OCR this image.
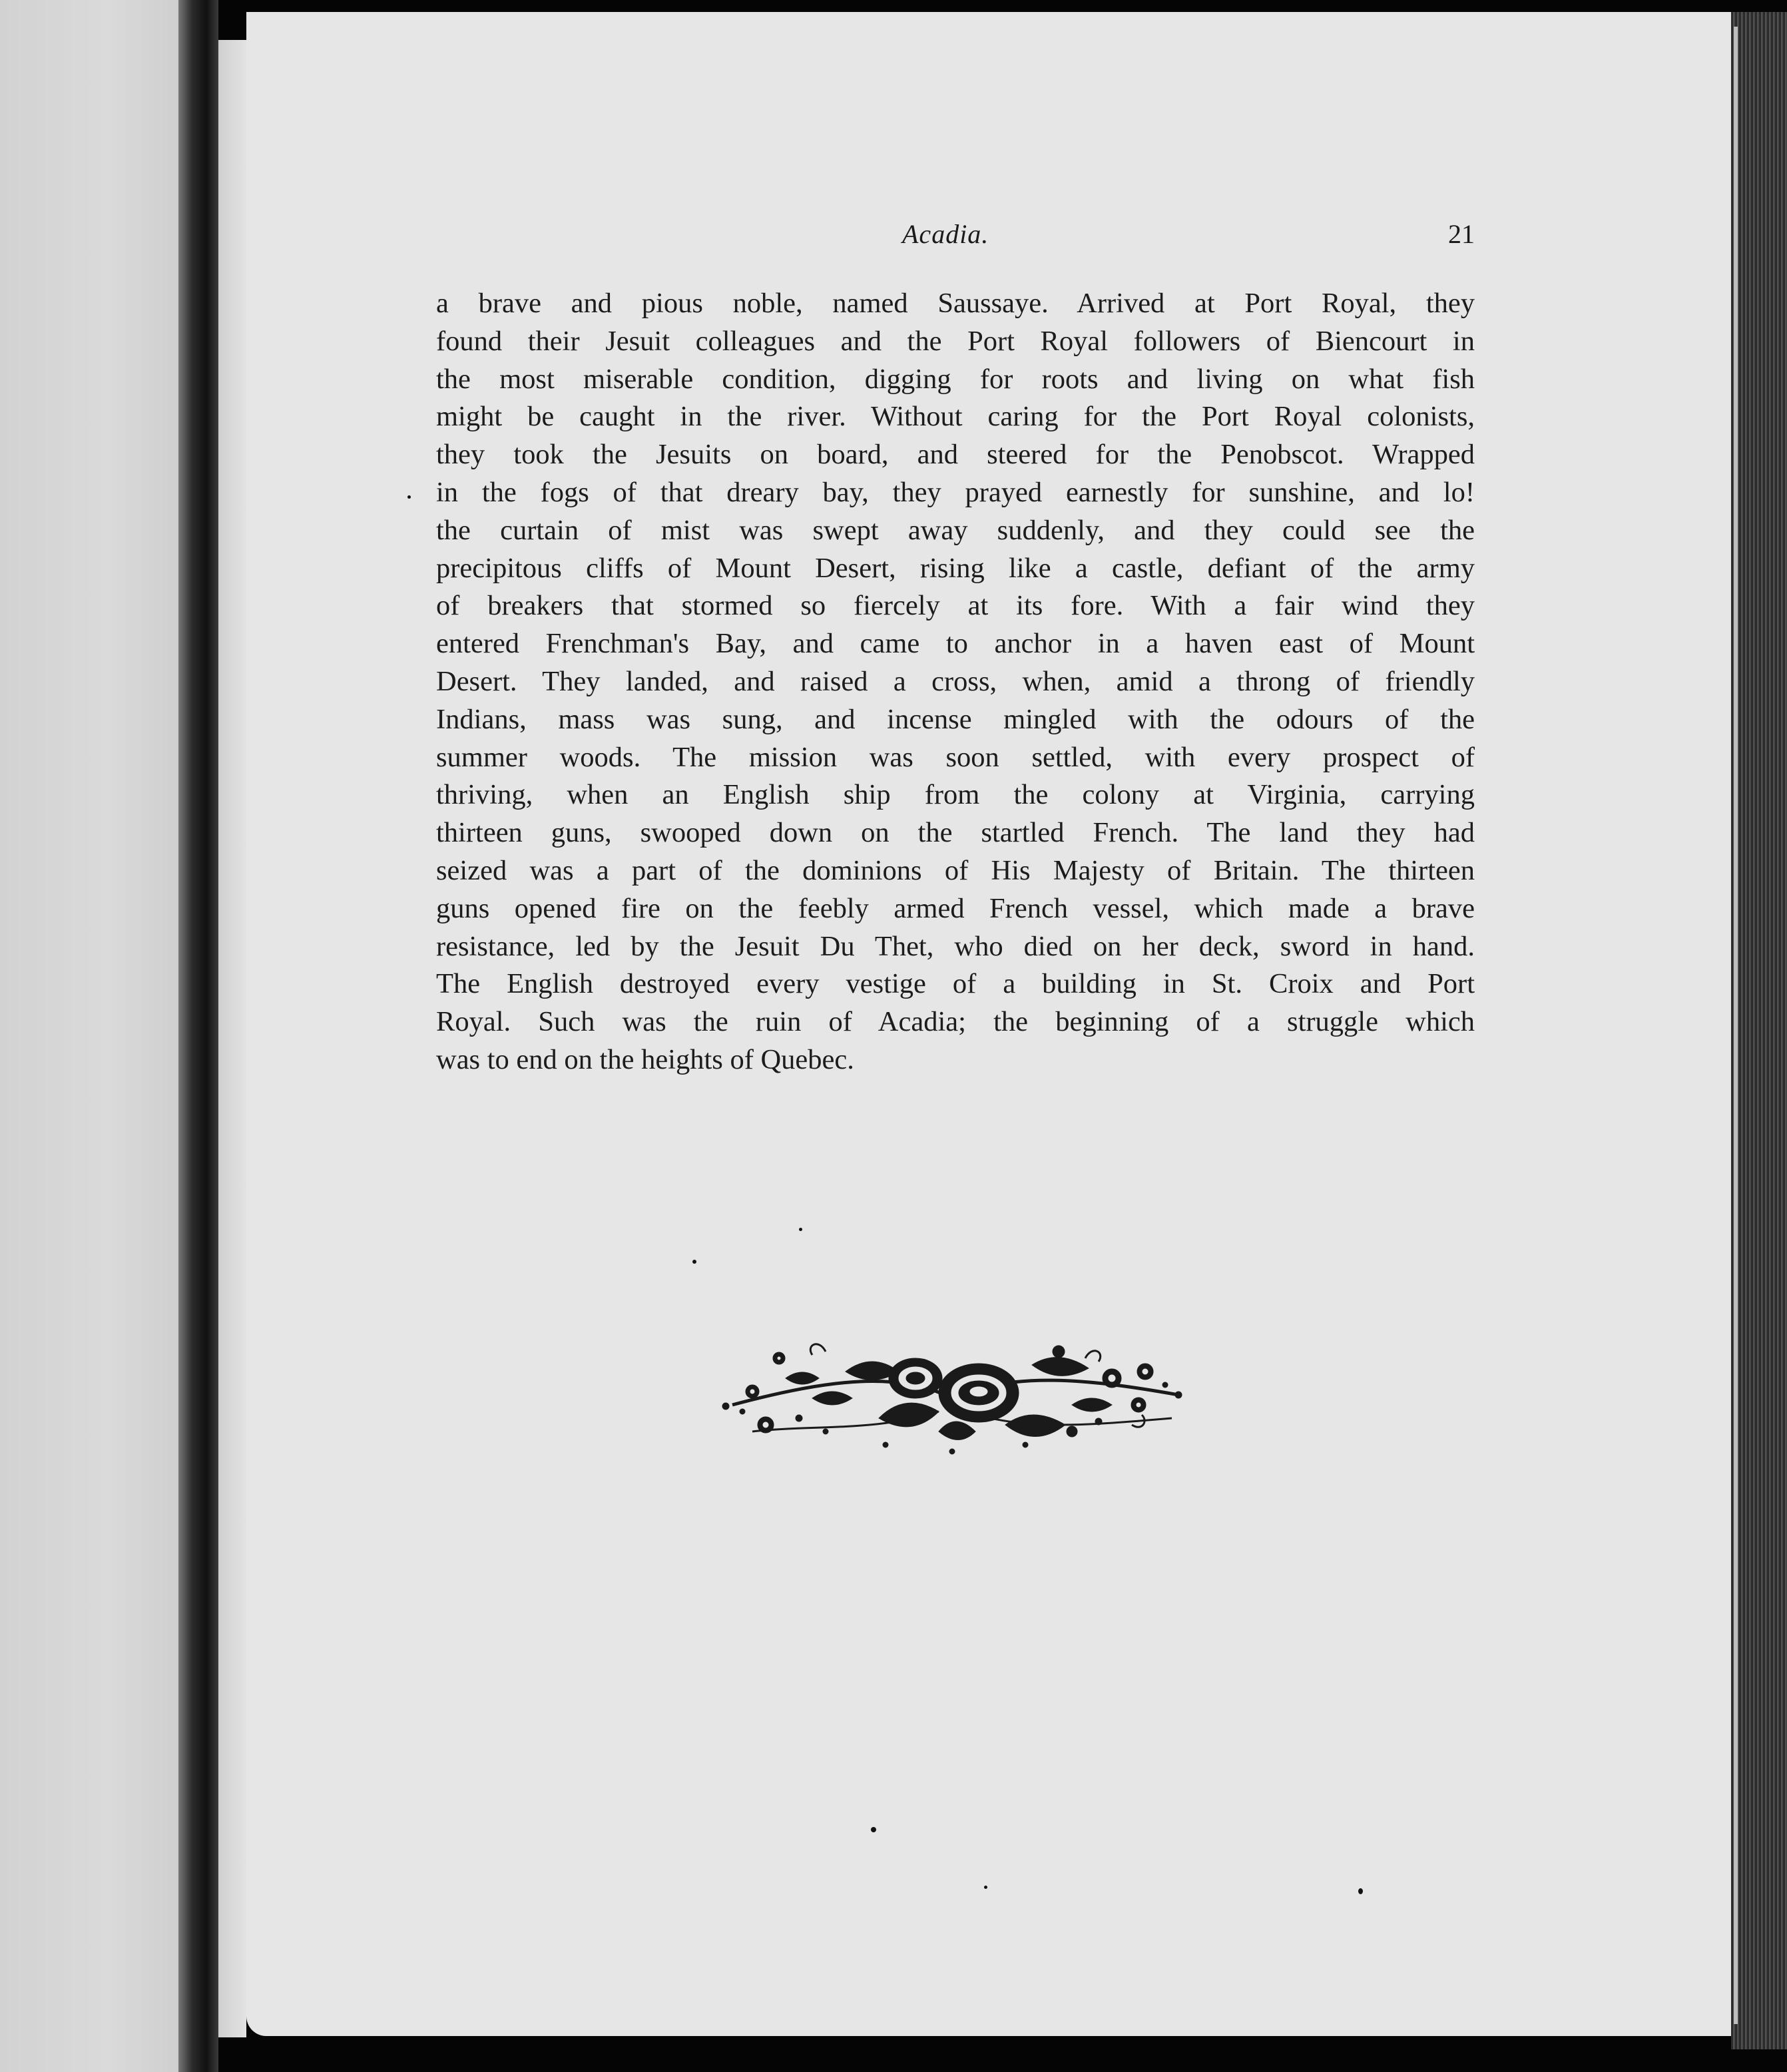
Acadia.	21
a brave and pious noble, named Saussaye. Arrived at Port Royal, they
found their Jesuit colleagues and the Port Royal followers of Biencourt in
the most miserable condition, digging for roots and living on what fish
might be caught in the river. Without caring for the Port Royal colonists,
they took the Jesuits on board, and steered for the Penobscot. Wrapped
in the fogs of that dreary bay, they prayed earnestly for sunshine, and lo!
the curtain of mist was swept away suddenly, and they could see the
precipitous cliffs of Mount Desert, rising like a castle, defiant of the army
of breakers that stormed so fiercely at its fore. With a fair wind they
entered Frenchman's Bay, and came to anchor in a haven east of Mount
Desert. They landed, and raised a cross, when, amid a throng of friendly
Indians, mass was sung, and incense mingled with the odours of the
summer woods. The mission was soon settled, with every prospect of
thriving, when an English ship from the colony at Virginia, carrying
thirteen guns, swooped down on the startled French. The land they had
seized was a part of the dominions of His Majesty of Britain. The thirteen
guns opened fire on the feebly armed French vessel, which made a brave
resistance, led by the Jesuit Du Thet, who died on her deck, sword in hand.
The English destroyed every vestige of a building in St. Croix and Port
Royal. Such was the ruin of Acadia; the beginning of a struggle which
was to end on the heights of Quebec.
